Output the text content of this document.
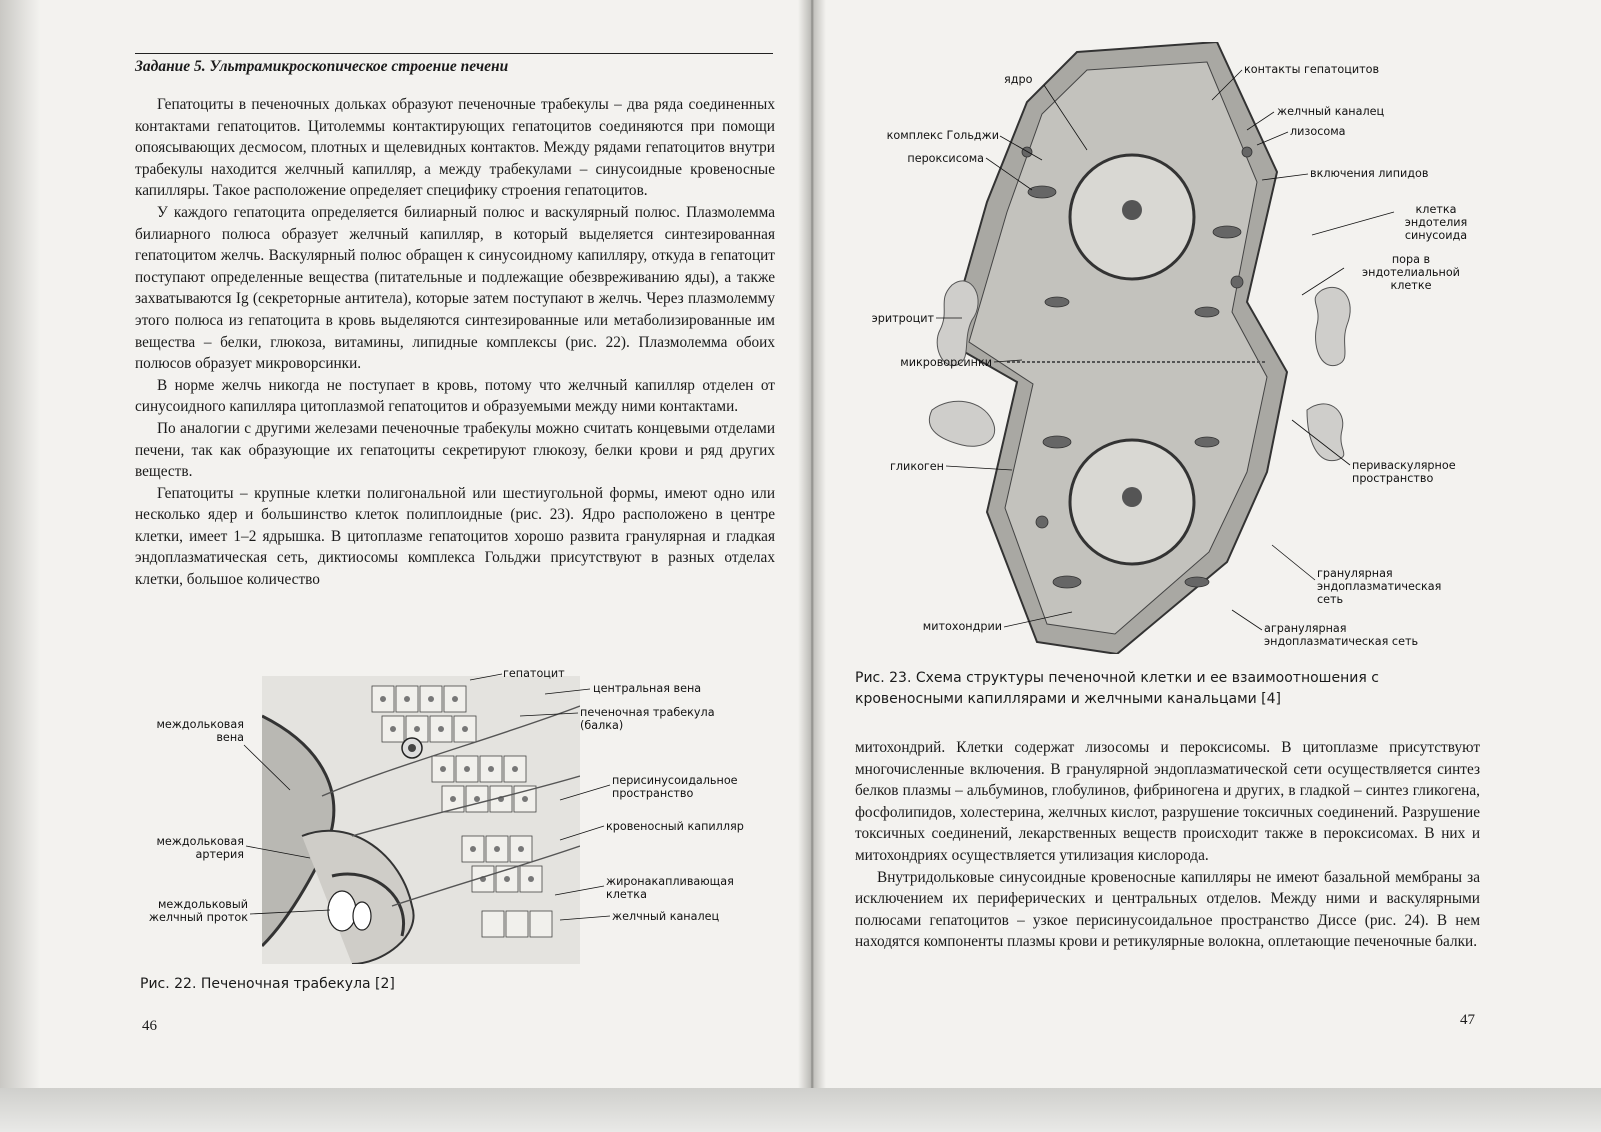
Задание 5. Ультрамикроскопическое строение печени

Гепатоциты в печеночных дольках образуют печеночные трабекулы – два ряда соединенных контактами гепатоцитов. Цитолеммы контактирующих гепатоцитов соединяются при помощи опоясывающих десмосом, плотных и щелевидных контактов. Между рядами гепатоцитов внутри трабекулы находится желчный капилляр, а между трабекулами – синусоидные кровеносные капилляры. Такое расположение определяет специфику строения гепатоцитов.

У каждого гепатоцита определяется билиарный полюс и васкулярный полюс. Плазмолемма билиарного полюса образует желчный капилляр, в который выделяется синтезированная гепатоцитом желчь. Васкулярный полюс обращен к синусоидному капилляру, откуда в гепатоцит поступают определенные вещества (питательные и подлежащие обезвреживанию яды), а также захватываются Ig (секреторные антитела), которые затем поступают в желчь. Через плазмолемму этого полюса из гепатоцита в кровь выделяются синтезированные или метаболизированные им вещества – белки, глюкоза, витамины, липидные комплексы (рис. 22). Плазмолемма обоих полюсов образует микроворсинки.

В норме желчь никогда не поступает в кровь, потому что желчный капилляр отделен от синусоидного капилляра цитоплазмой гепатоцитов и образуемыми между ними контактами.

По аналогии с другими железами печеночные трабекулы можно считать концевыми отделами печени, так как образующие их гепатоциты секретируют глюкозу, белки крови и ряд других веществ.

Гепатоциты – крупные клетки полигональной или шестиугольной формы, имеют одно или несколько ядер и большинство клеток полиплоидные (рис. 23). Ядро расположено в центре клетки, имеет 1–2 ядрышка. В цитоплазме гепатоцитов хорошо развита гранулярная и гладкая эндоплазматическая сеть, диктиосомы комплекса Гольджи присутствуют в разных отделах клетки, большое количество

гепатоцит
центральная вена
печеночная трабекула (балка)
междольковая вена
перисинусоидальное пространство
кровеносный капилляр
междольковая артерия
жиронакапливающая клетка
междольковый желчный проток	желчный каналец
Рис. 22. Печеночная трабекула [2]
46
ядро
контакты гепатоцитов
желчный каналец
комплекс Гольджи	лизосома
пероксисома
включения липидов
клетка эндотелия синусоида
пора в эндотелиальной клетке
эритроцит
микроворсинки
гликоген	периваскулярное пространство
гранулярная эндоплазматическая сеть
митохондрии	агранулярная эндоплазматическая сеть
Рис. 23. Схема структуры печеночной клетки и ее взаимоотношения с кровеносными капиллярами и желчными канальцами [4]

митохондрий. Клетки содержат лизосомы и пероксисомы. В цитоплазме присутствуют многочисленные включения. В гранулярной эндоплазматической сети осуществляется синтез белков плазмы – альбуминов, глобулинов, фибриногена и других, в гладкой – синтез гликогена, фосфолипидов, холестерина, желчных кислот, разрушение токсичных соединений. Разрушение токсичных соединений, лекарственных веществ происходит также в пероксисомах. В них и митохондриях осуществляется утилизация кислорода.

Внутридольковые синусоидные кровеносные капилляры не имеют базальной мембраны за исключением их периферических и центральных отделов. Между ними и васкулярными полюсами гепатоцитов – узкое перисинусоидальное пространство Диссе (рис. 24). В нем находятся компоненты плазмы крови и ретикулярные волокна, оплетающие печеночные балки.

47
